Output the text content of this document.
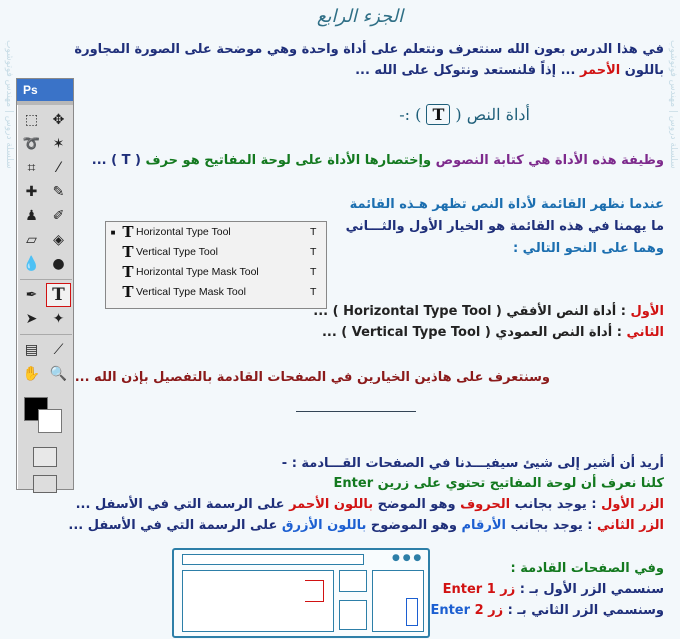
سلسلة دروس | مهندس فوتوشوب
سلسلة دروس | مهندس فوتوشوب
الجزء الرابع
في هذا الدرس بعون الله سنتعرف ونتعلم على أداة واحدة وهي موضحة على الصورة المجاورة
باللون الأحمر ... إذاً فلنستعد ونتوكل على الله ...
Ps
⬚	✥
➰ ✶
⌗	⁄
✚	✎
♟	✐
▱	◈
💧 ●
✒ T
➤	✦
▤	⟋
✋ 🔍
أداة النص ( T ) :-
وظيفة هذه الأداة هي كتابة النصوص وإختصارها الأداة على لوحة المفاتيح هو حرف ( T ) ...
عندما نظهر القائمة لأداة النص تظهر هـذه القائمة
ما يهمنا في هذه القائمة هو الخيار الأول والثـــاني
وهما على النحو التالي :
■ T Horizontal Type Tool	T
T Vertical Type Tool	T
T Horizontal Type Mask Tool	T
T Vertical Type Mask Tool	T
الأول : أداة النص الأفقي ( Horizontal Type Tool ) ...
الثاني : أداة النص العمودي ( Vertical Type Tool ) ...
وسنتعرف على هاذين الخيارين في الصفحات القادمة بالتفصيل بإذن الله ...
أريد أن أشير إلى شيئ سيفيـــدنا في الصفحات القـــادمة : -
كلنا نعرف أن لوحة المفاتيح تحتوي على زرين Enter
الزر الأول : يوجد بجانب الحروف وهو الموضح باللون الأحمر على الرسمة التي في الأسفل ...
الزر الثاني : يوجد بجانب الأرقام وهو الموضوح باللون الأزرق على الرسمة التي في الأسفل ...
● ● ●
وفي الصفحات القادمة :
سنسمي الزر الأول بـ : زر 1 Enter
وسنسمي الزر الثاني بـ : زر 2 Enter
